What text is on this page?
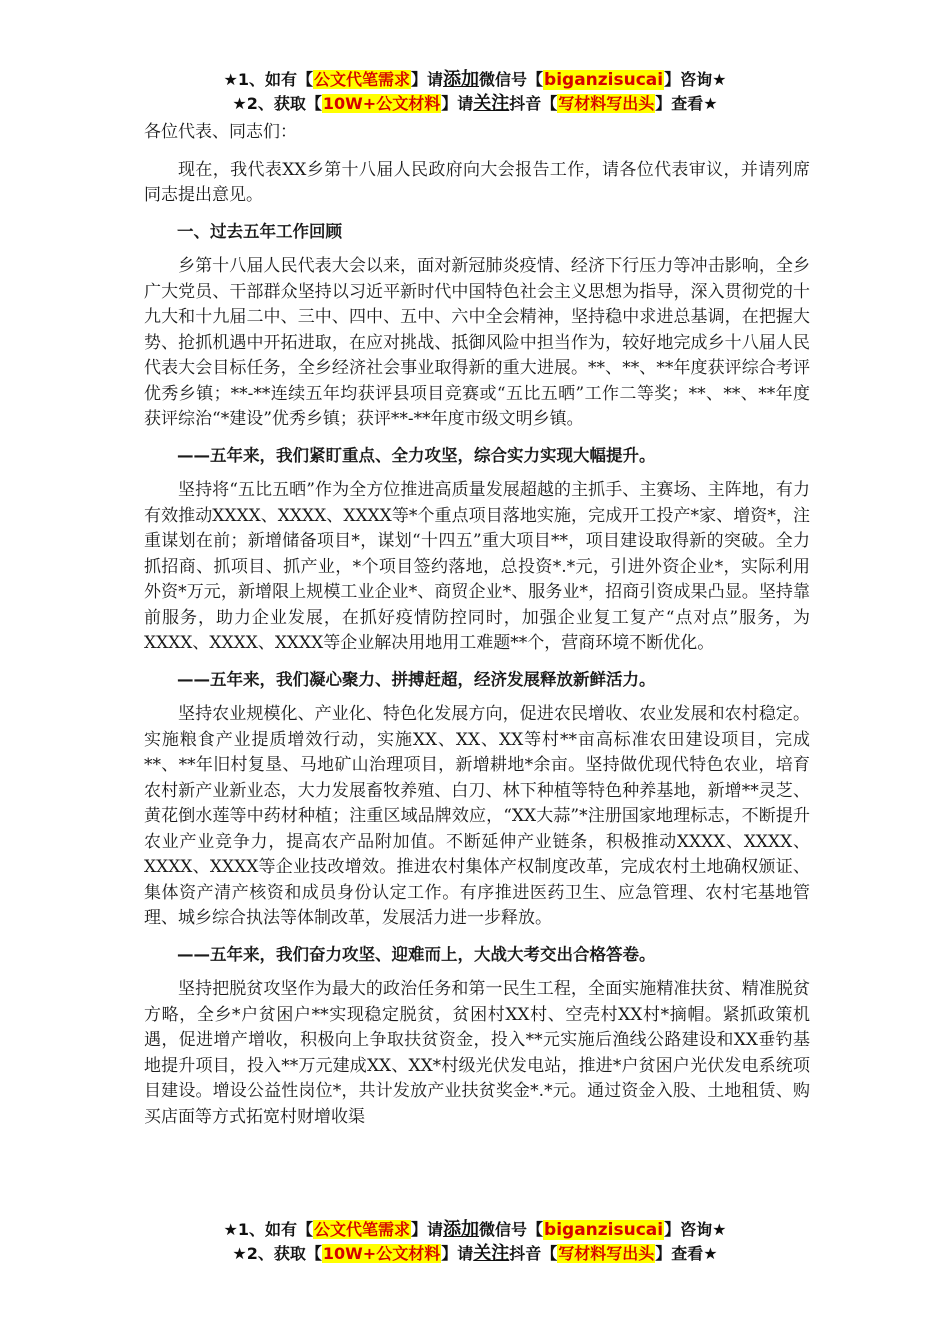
★1、如有【公文代笔需求】请添加微信号【biganzisucai】咨询★
★2、获取【10W+公文材料】请关注抖音【写材料写出头】查看★

各位代表、同志们：

现在，我代表XX乡第十八届人民政府向大会报告工作，请各位代表审议，并请列席同志提出意见。

一、过去五年工作回顾

乡第十八届人民代表大会以来，面对新冠肺炎疫情、经济下行压力等冲击影响，全乡广大党员、干部群众坚持以习近平新时代中国特色社会主义思想为指导，深入贯彻党的十九大和十九届二中、三中、四中、五中、六中全会精神，坚持稳中求进总基调，在把握大势、抢抓机遇中开拓进取，在应对挑战、抵御风险中担当作为，较好地完成乡十八届人民代表大会目标任务，全乡经济社会事业取得新的重大进展。**、**、**年度获评综合考评优秀乡镇；**-**连续五年均获评县项目竞赛或“五比五晒”工作二等奖；**、**、**年度获评综治“*建设”优秀乡镇；获评**-**年度市级文明乡镇。

——五年来，我们紧盯重点、全力攻坚，综合实力实现大幅提升。

坚持将“五比五晒”作为全方位推进高质量发展超越的主抓手、主赛场、主阵地，有力有效推动XXXX、XXXX、XXXX等*个重点项目落地实施，完成开工投产*家、增资*，注重谋划在前；新增储备项目*，谋划“十四五”重大项目**，项目建设取得新的突破。全力抓招商、抓项目、抓产业，*个项目签约落地，总投资*.*元，引进外资企业*，实际利用外资*万元，新增限上规模工业企业*、商贸企业*、服务业*，招商引资成果凸显。坚持靠前服务，助力企业发展，在抓好疫情防控同时，加强企业复工复产“点对点”服务，为XXXX、XXXX、XXXX等企业解决用地用工难题**个，营商环境不断优化。

——五年来，我们凝心聚力、拼搏赶超，经济发展释放新鲜活力。

坚持农业规模化、产业化、特色化发展方向，促进农民增收、农业发展和农村稳定。实施粮食产业提质增效行动，实施XX、XX、XX等村**亩高标准农田建设项目，完成**、**年旧村复垦、马地矿山治理项目，新增耕地*余亩。坚持做优现代特色农业，培育农村新产业新业态，大力发展畜牧养殖、白刀、林下种植等特色种养基地，新增**灵芝、黄花倒水莲等中药材种植；注重区域品牌效应，“XX大蒜”*注册国家地理标志，不断提升农业产业竞争力，提高农产品附加值。不断延伸产业链条，积极推动XXXX、XXXX、XXXX、XXXX等企业技改增效。推进农村集体产权制度改革，完成农村土地确权颁证、集体资产清产核资和成员身份认定工作。有序推进医药卫生、应急管理、农村宅基地管理、城乡综合执法等体制改革，发展活力进一步释放。

——五年来，我们奋力攻坚、迎难而上，大战大考交出合格答卷。

坚持把脱贫攻坚作为最大的政治任务和第一民生工程，全面实施精准扶贫、精准脱贫方略，全乡*户贫困户**实现稳定脱贫，贫困村XX村、空壳村XX村*摘帽。紧抓政策机遇，促进增产增收，积极向上争取扶贫资金，投入**元实施后渔线公路建设和XX垂钓基地提升项目，投入**万元建成XX、XX*村级光伏发电站，推进*户贫困户光伏发电系统项目建设。增设公益性岗位*，共计发放产业扶贫奖金*.*元。通过资金入股、土地租赁、购买店面等方式拓宽村财增收渠

★1、如有【公文代笔需求】请添加微信号【biganzisucai】咨询★
★2、获取【10W+公文材料】请关注抖音【写材料写出头】查看★
